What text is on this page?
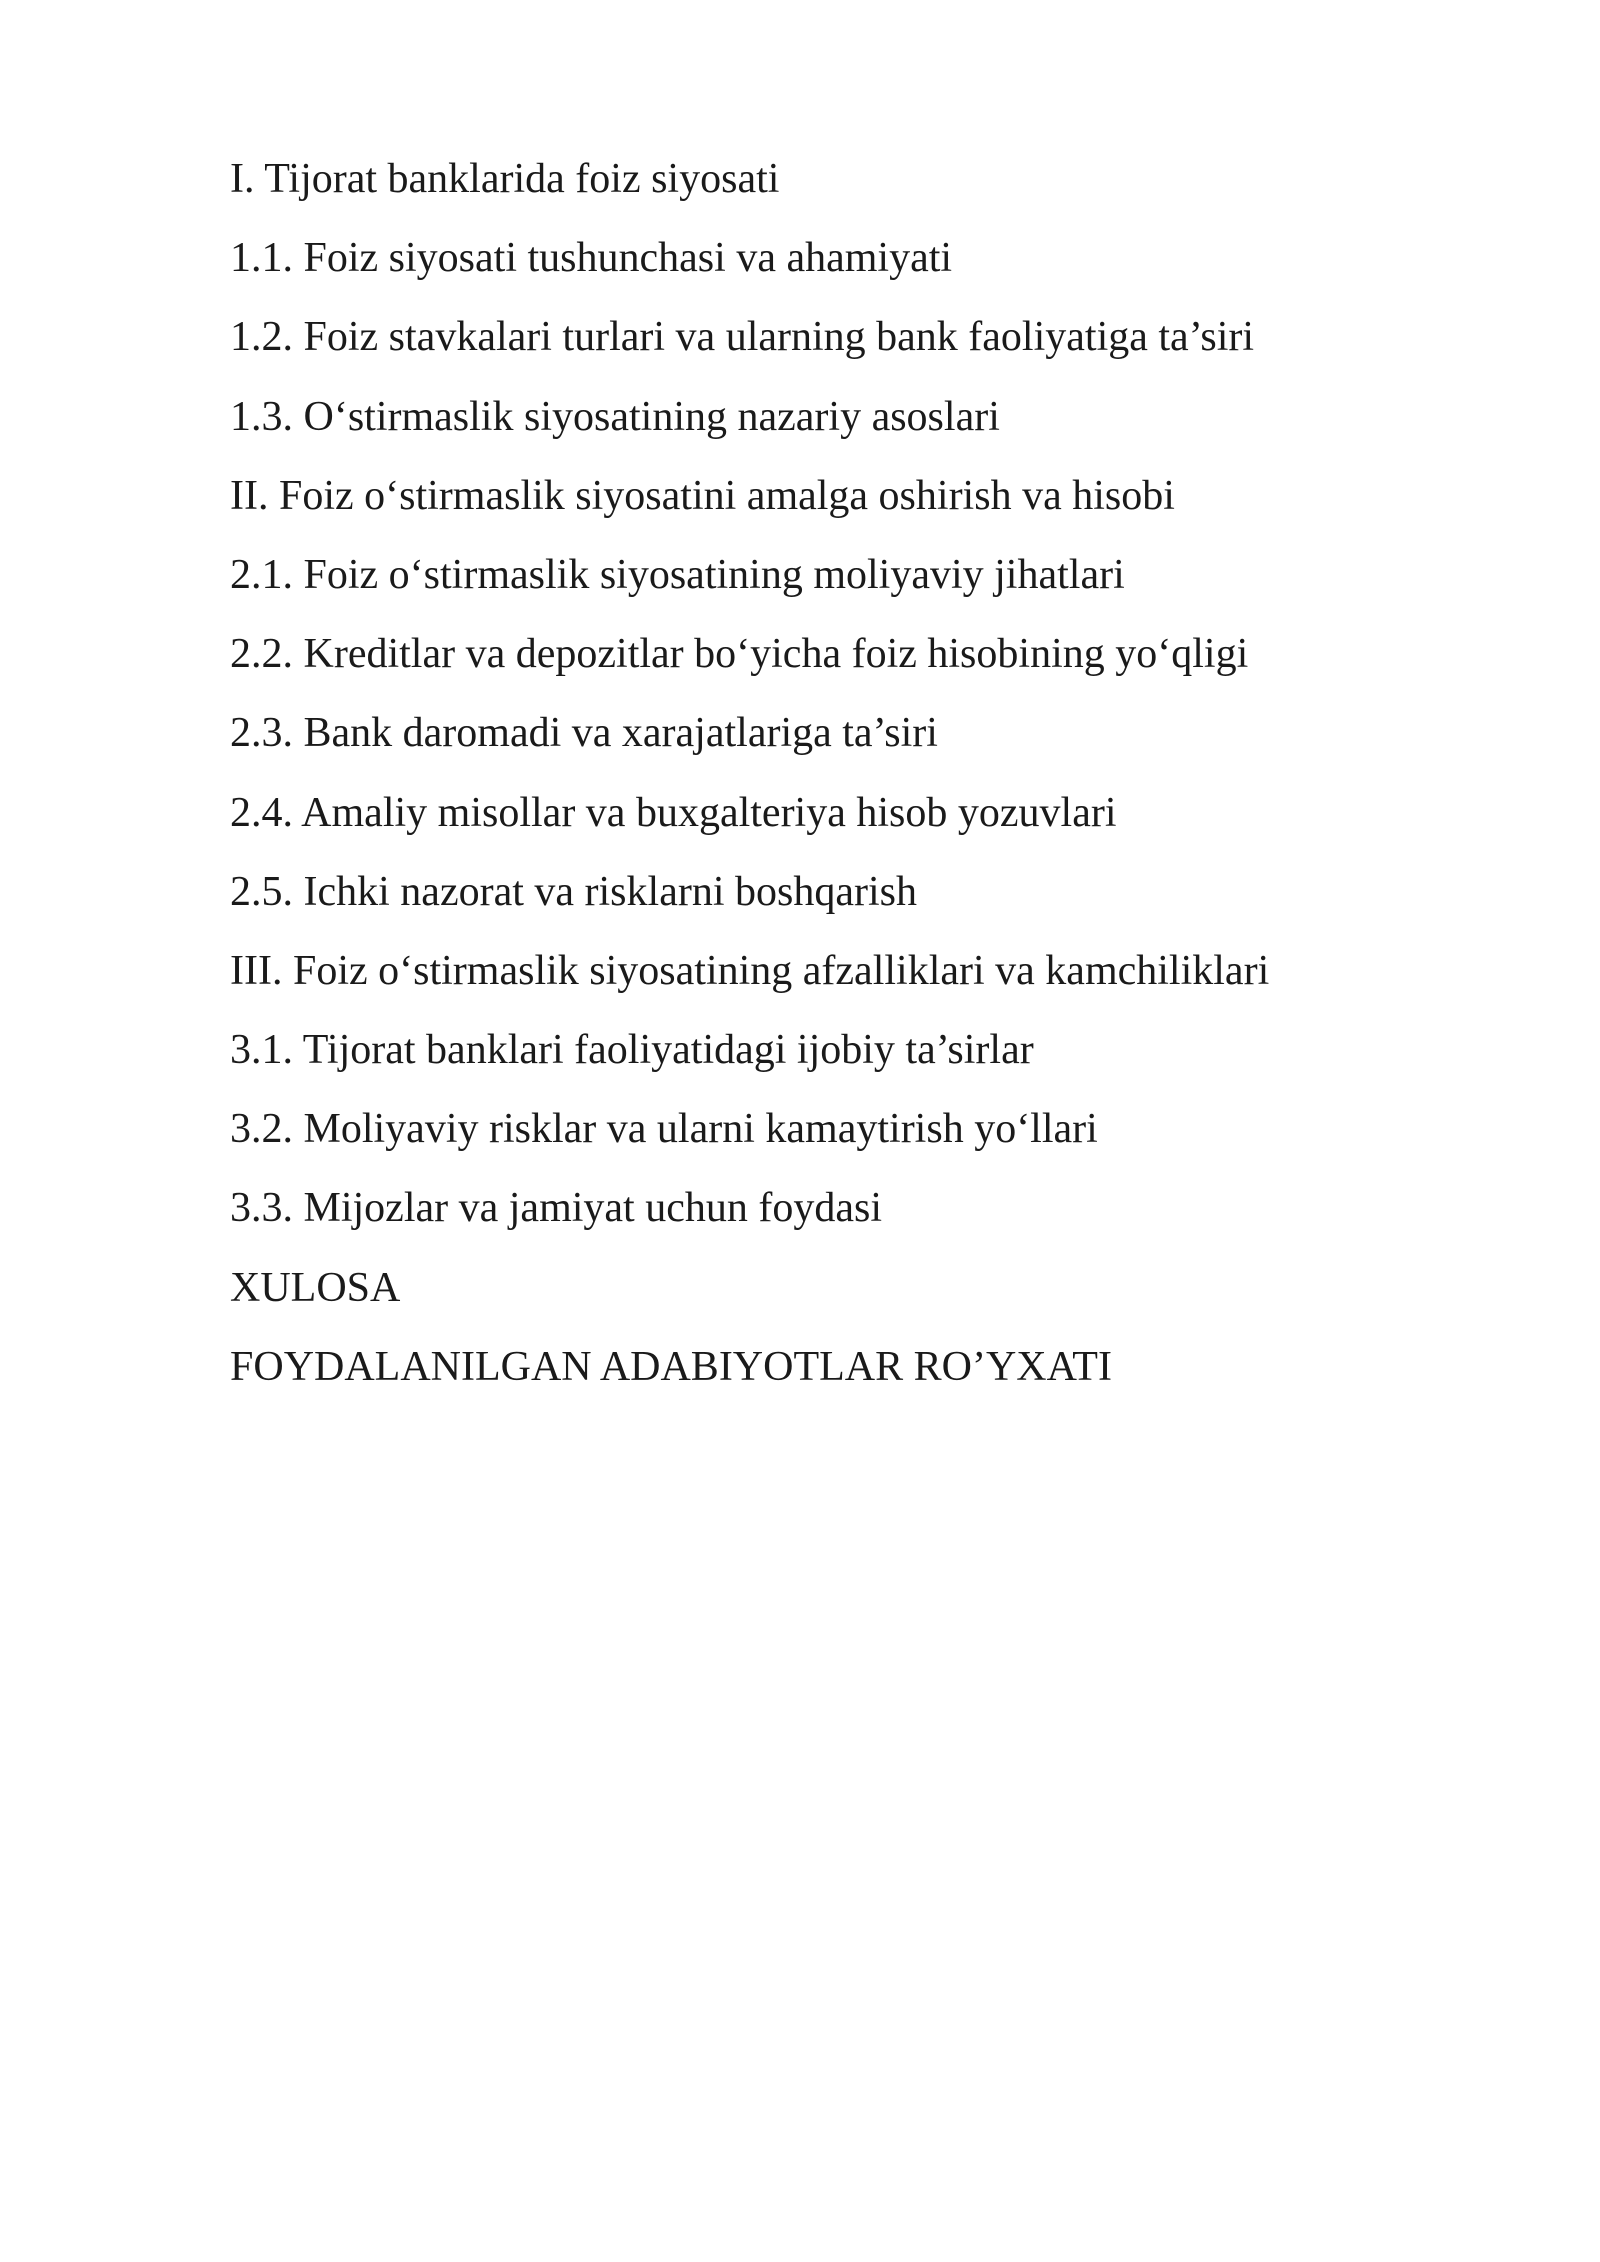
I. Tijorat banklarida foiz siyosati
1.1. Foiz siyosati tushunchasi va ahamiyati
1.2. Foiz stavkalari turlari va ularning bank faoliyatiga ta’siri
1.3. O‘stirmaslik siyosatining nazariy asoslari
II. Foiz o‘stirmaslik siyosatini amalga oshirish va hisobi
2.1. Foiz o‘stirmaslik siyosatining moliyaviy jihatlari
2.2. Kreditlar va depozitlar bo‘yicha foiz hisobining yo‘qligi
2.3. Bank daromadi va xarajatlariga ta’siri
2.4. Amaliy misollar va buxgalteriya hisob yozuvlari
2.5. Ichki nazorat va risklarni boshqarish
III. Foiz o‘stirmaslik siyosatining afzalliklari va kamchiliklari
3.1. Tijorat banklari faoliyatidagi ijobiy ta’sirlar
3.2. Moliyaviy risklar va ularni kamaytirish yo‘llari
3.3. Mijozlar va jamiyat uchun foydasi
XULOSA
FOYDALANILGAN ADABIYOTLAR RO’YXATI
